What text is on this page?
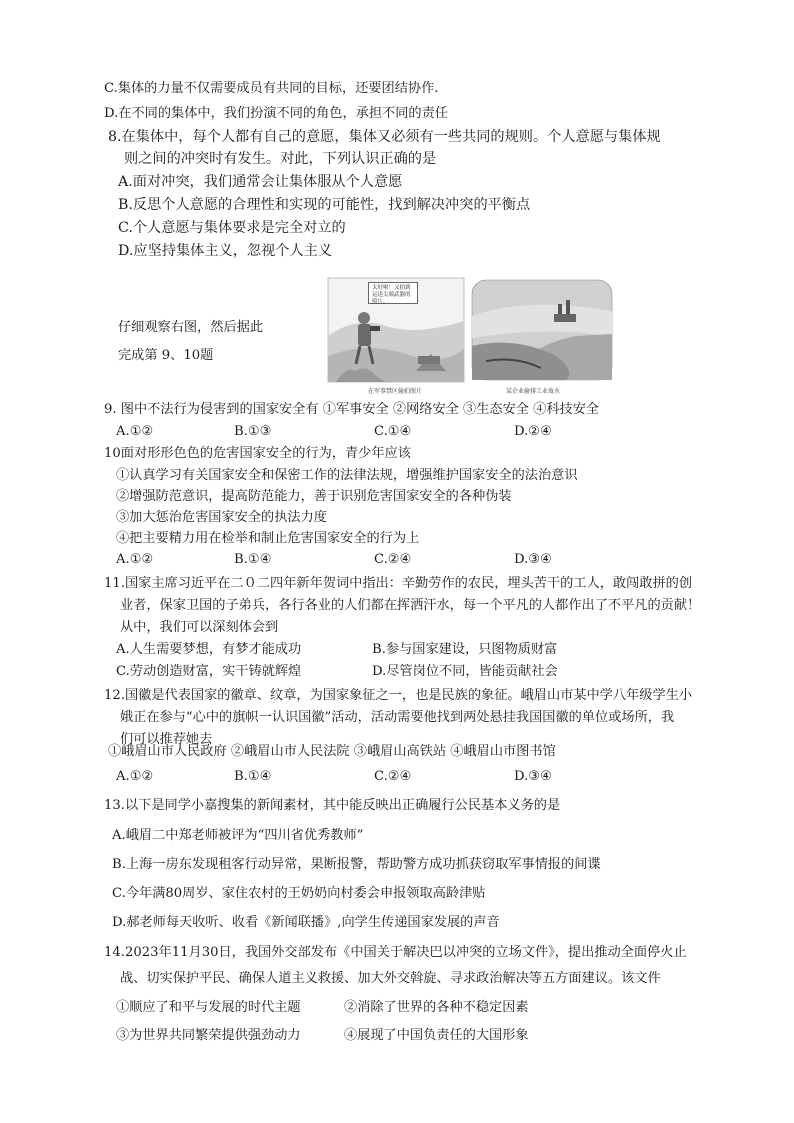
C.集体的力量不仅需要成员有共同的目标，还要团结协作.
D.在不同的集体中，我们扮演不同的角色，承担不同的责任
8.在集体中，每个人都有自己的意愿，集体又必须有一些共同的规则。个人意愿与集体规
则之间的冲突时有发生。对此，下列认识正确的是
A.面对冲突，我们通常会让集体服从个人意愿
B.反思个人意愿的合理性和实现的可能性，找到解决冲突的平衡点
C.个人意愿与集体要求是完全对立的
D.应坚持集体主义，忽视个人主义
仔细观察右图，然后据此
完成第 9、10题
太好啦！又拍到运送尖端武器的照片。
在军事禁区偷拍照片	某企业偷排工业废水
9. 图中不法行为侵害到的国家安全有 ①军事安全 ②网络安全 ③生态安全 ④科技安全
A.①②	B.①③	C.①④	D.②④
10面对形形色色的危害国家安全的行为，青少年应该
①认真学习有关国家安全和保密工作的法律法规，增强维护国家安全的法治意识
②增强防范意识，提高防范能力，善于识别危害国家安全的各种伪装
③加大惩治危害国家安全的执法力度
④把主要精力用在检举和制止危害国家安全的行为上
A.①②	B.①④	C.②④	D.③④
11.国家主席习近平在二０二四年新年贺词中指出：辛勤劳作的农民，埋头苦干的工人，敢闯敢拼的创
业者，保家卫国的子弟兵，各行各业的人们都在挥洒汗水，每一个平凡的人都作出了不平凡的贡献！
从中，我们可以深刻体会到
A.人生需要梦想，有梦才能成功	B.参与国家建设，只图物质财富
C.劳动创造财富，实干铸就辉煌	D.尽管岗位不同，皆能贡献社会
12.国徽是代表国家的徽章、纹章，为国家象征之一，也是民族的象征。峨眉山市某中学八年级学生小
娥正在参与“心中的旗帜一认识国徽”活动，活动需要他找到两处悬挂我国国徽的单位或场所，我
们可以推荐她去
①峨眉山市人民政府 ②峨眉山市人民法院 ③峨眉山高铁站 ④峨眉山市图书馆
A.①②	B.①④	C.②④	D.③④
13.以下是同学小嘉搜集的新闻素材，其中能反映出正确履行公民基本义务的是
A.峨眉二中郑老师被评为“四川省优秀教师”
B.上海一房东发现租客行动异常，果断报警，帮助警方成功抓获窃取军事情报的间谍
C.今年满80周岁、家住农村的王奶奶向村委会申报领取高龄津贴
D.郝老师每天收听、收看《新闻联播》,向学生传递国家发展的声音
14.2023年11月30日，我国外交部发布《中国关于解决巴以冲突的立场文件》，提出推动全面停火止
战、切实保护平民、确保人道主义救援、加大外交斡旋、寻求政治解决等五方面建议。该文件
①顺应了和平与发展的时代主题	②消除了世界的各种不稳定因素
③为世界共同繁荣提供强劲动力	④展现了中国负责任的大国形象
